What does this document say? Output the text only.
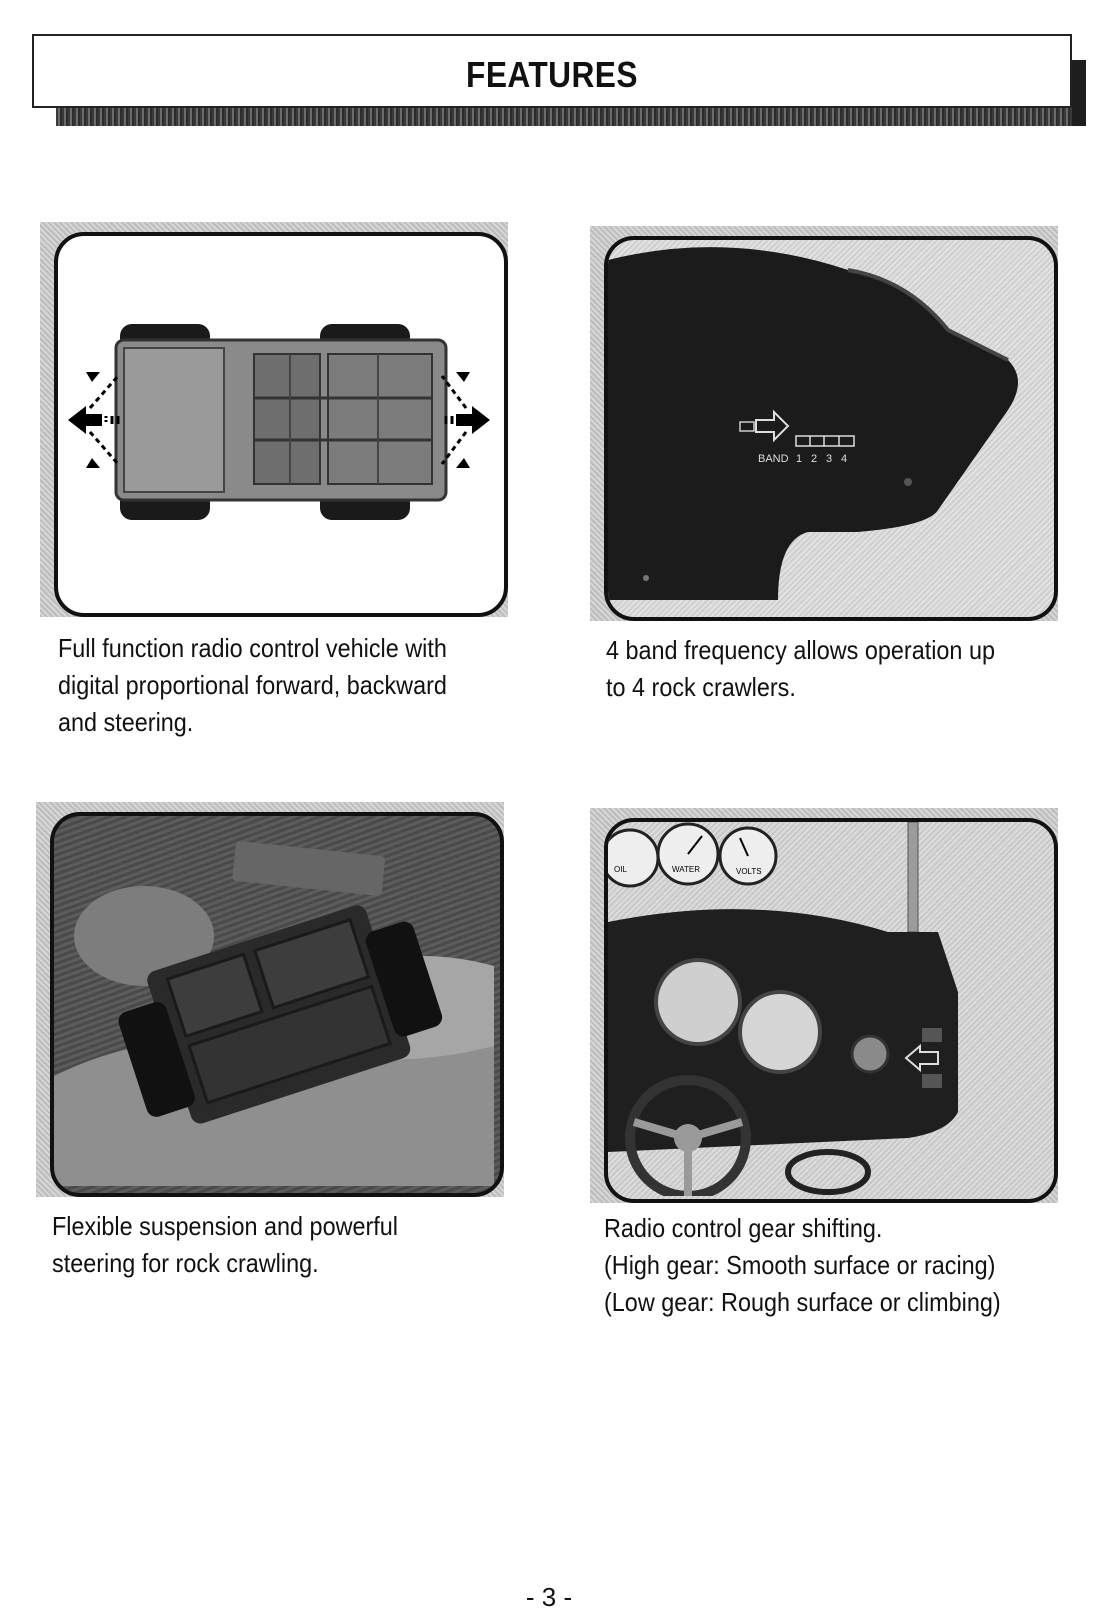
FEATURES
BAND 1 2 3 4
OIL	WATER	VOLTS
Full function radio control vehicle with
digital proportional forward, backward
and steering.
4 band frequency allows operation up
to 4 rock crawlers.
Flexible suspension and powerful
steering for rock crawling.
Radio control gear shifting.
(High gear: Smooth surface or racing)
(Low gear: Rough surface or climbing)
- 3 -
